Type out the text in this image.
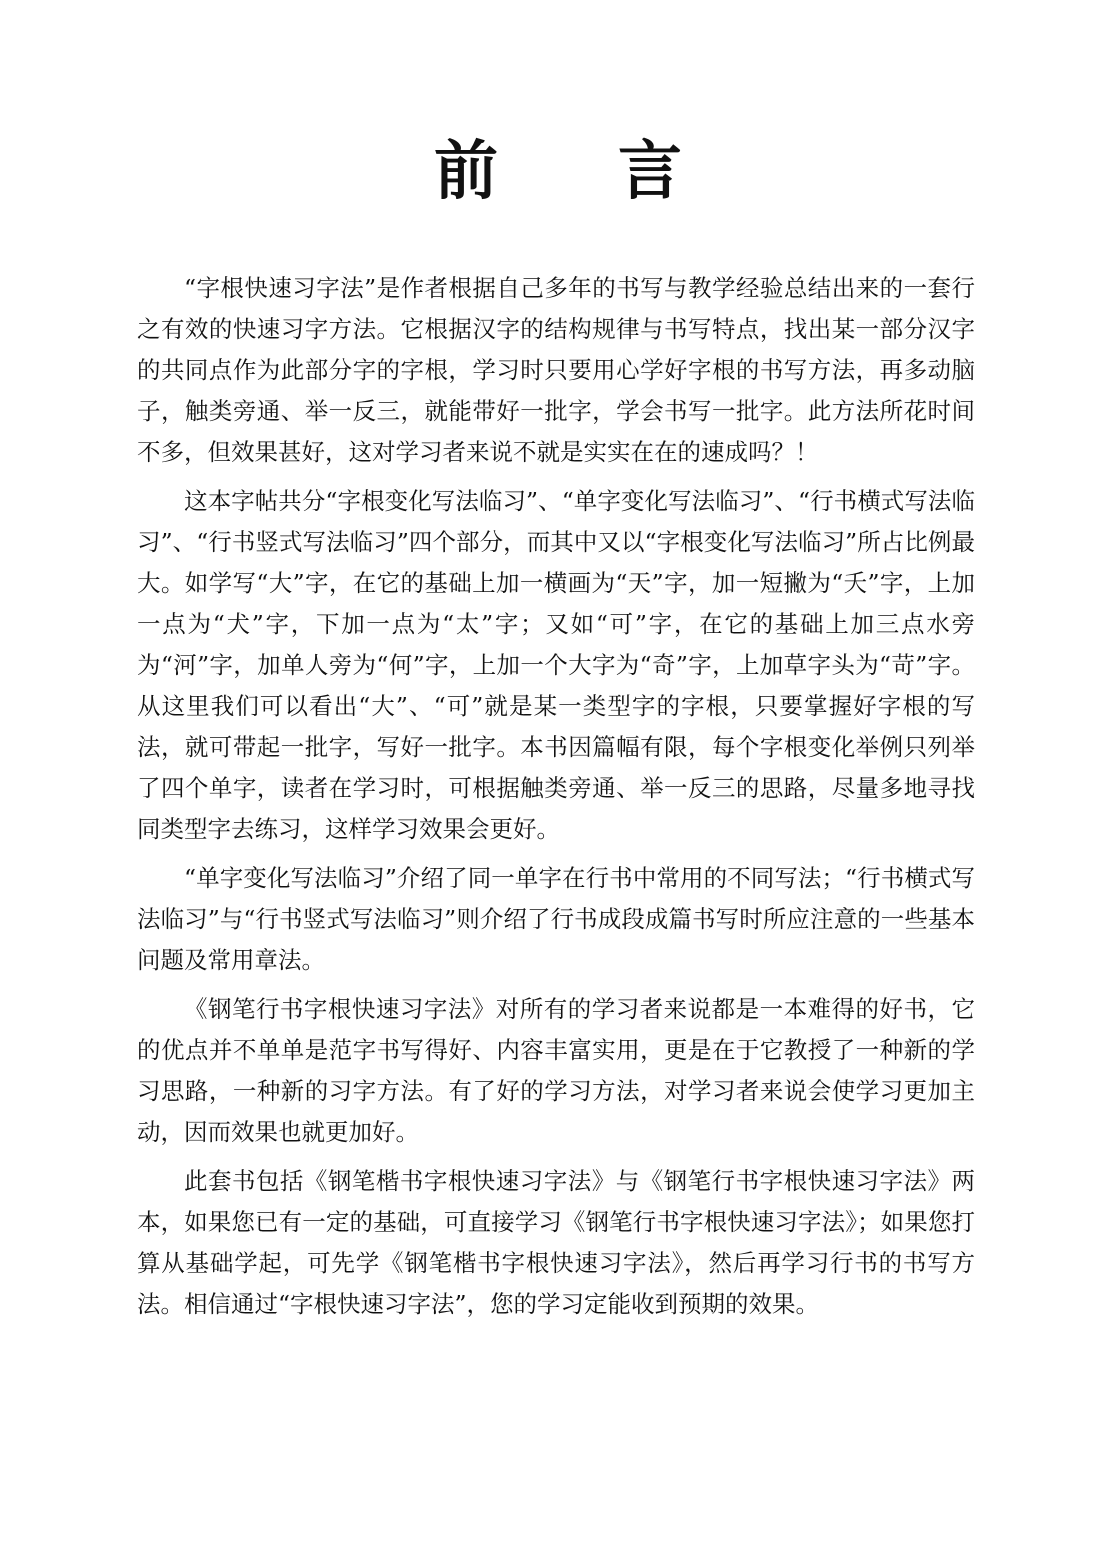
前 言

“字根快速习字法”是作者根据自己多年的书写与教学经验总结出来的一套行之有效的快速习字方法。它根据汉字的结构规律与书写特点，找出某一部分汉字的共同点作为此部分字的字根，学习时只要用心学好字根的书写方法，再多动脑子，触类旁通、举一反三，就能带好一批字，学会书写一批字。此方法所花时间不多，但效果甚好，这对学习者来说不就是实实在在的速成吗？！

这本字帖共分“字根变化写法临习”、“单字变化写法临习”、“行书横式写法临习”、“行书竖式写法临习”四个部分，而其中又以“字根变化写法临习”所占比例最大。如学写“大”字，在它的基础上加一横画为“天”字，加一短撇为“夭”字，上加一点为“犬”字，下加一点为“太”字；又如“可”字，在它的基础上加三点水旁为“河”字，加单人旁为“何”字，上加一个大字为“奇”字，上加草字头为“苛”字。从这里我们可以看出“大”、“可”就是某一类型字的字根，只要掌握好字根的写法，就可带起一批字，写好一批字。本书因篇幅有限，每个字根变化举例只列举了四个单字，读者在学习时，可根据触类旁通、举一反三的思路，尽量多地寻找同类型字去练习，这样学习效果会更好。

“单字变化写法临习”介绍了同一单字在行书中常用的不同写法；“行书横式写法临习”与“行书竖式写法临习”则介绍了行书成段成篇书写时所应注意的一些基本问题及常用章法。

《钢笔行书字根快速习字法》对所有的学习者来说都是一本难得的好书，它的优点并不单单是范字书写得好、内容丰富实用，更是在于它教授了一种新的学习思路，一种新的习字方法。有了好的学习方法，对学习者来说会使学习更加主动，因而效果也就更加好。

此套书包括《钢笔楷书字根快速习字法》与《钢笔行书字根快速习字法》两本，如果您已有一定的基础，可直接学习《钢笔行书字根快速习字法》；如果您打算从基础学起，可先学《钢笔楷书字根快速习字法》，然后再学习行书的书写方法。相信通过“字根快速习字法”，您的学习定能收到预期的效果。
